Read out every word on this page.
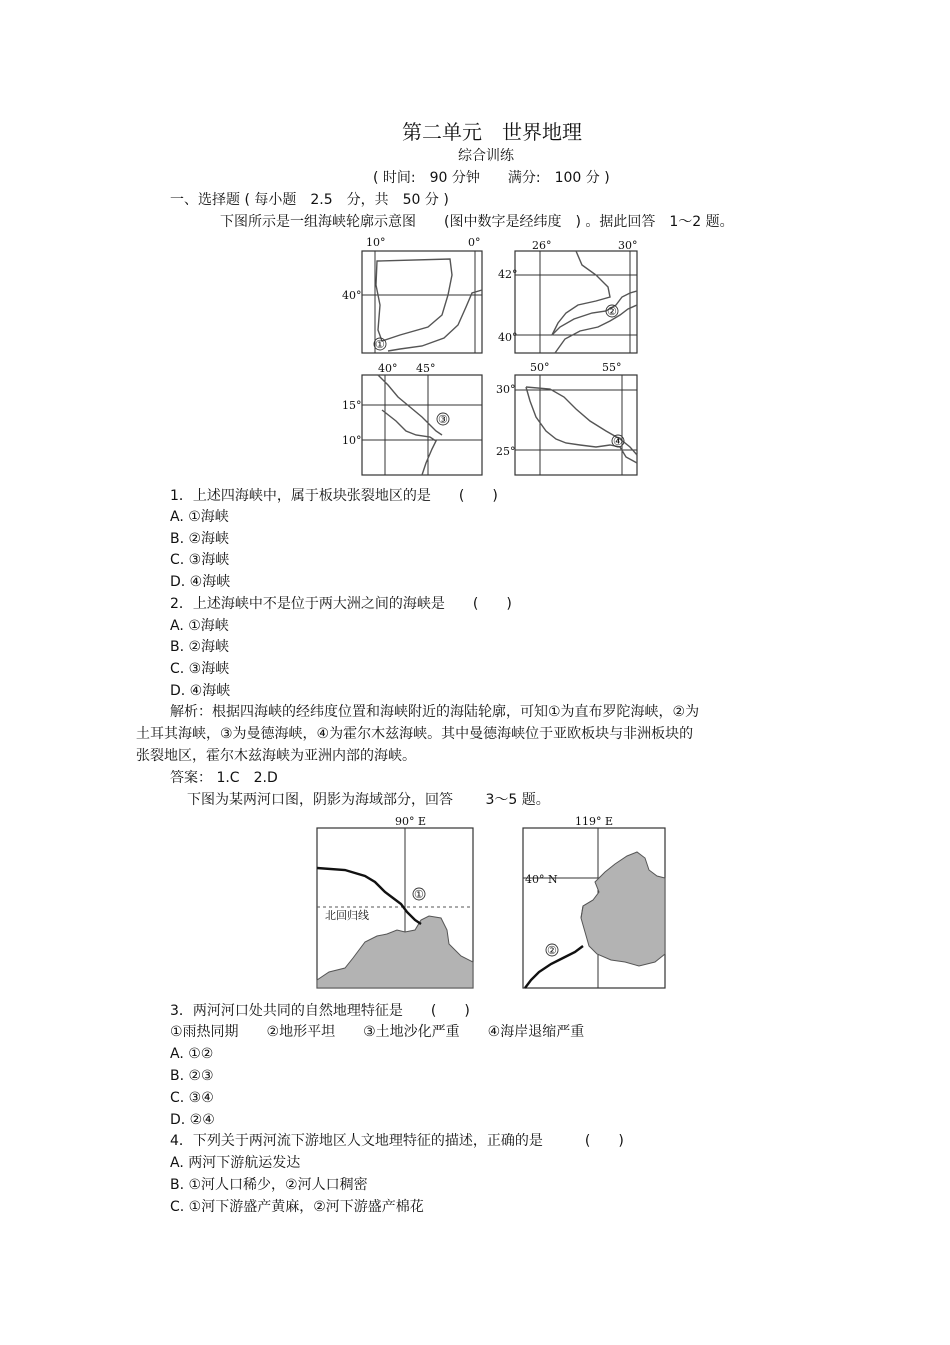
第二单元　世界地理
综合训练
( 时间:　90 分钟　　满分:　100 分 )
一、选择题 ( 每小题　2.5　分，共　50 分 )
下图所示是一组海峡轮廓示意图　　(图中数字是经纬度　) 。据此回答　1～2 题。
10°	0°
40°
①
26°	30°
42°
40°
②
40° 45°
15°
10°
③
50°	55°
30°
25°
④
1．上述四海峡中，属于板块张裂地区的是　　(　　)
A. ①海峡
B. ②海峡
C. ③海峡
D. ④海峡
2．上述海峡中不是位于两大洲之间的海峡是　　(　　)
A. ①海峡
B. ②海峡
C. ③海峡
D. ④海峡
解析：根据四海峡的经纬度位置和海峡附近的海陆轮廓，可知①为直布罗陀海峡，②为
土耳其海峡，③为曼德海峡，④为霍尔木兹海峡。其中曼德海峡位于亚欧板块与非洲板块的
张裂地区，霍尔木兹海峡为亚洲内部的海峡。
答案： 1.C　2.D
下图为某两河口图，阴影为海域部分，回答　　 3～5 题。
90° E
北回归线
①
119° E
40° N
②
3．两河河口处共同的自然地理特征是　　(　　)
①雨热同期　　②地形平坦　　③土地沙化严重　　④海岸退缩严重
A. ①②
B. ②③
C. ③④
D. ②④
4．下列关于两河流下游地区人文地理特征的描述，正确的是　　　(　　)
A. 两河下游航运发达
B. ①河人口稀少，②河人口稠密
C. ①河下游盛产黄麻，②河下游盛产棉花
